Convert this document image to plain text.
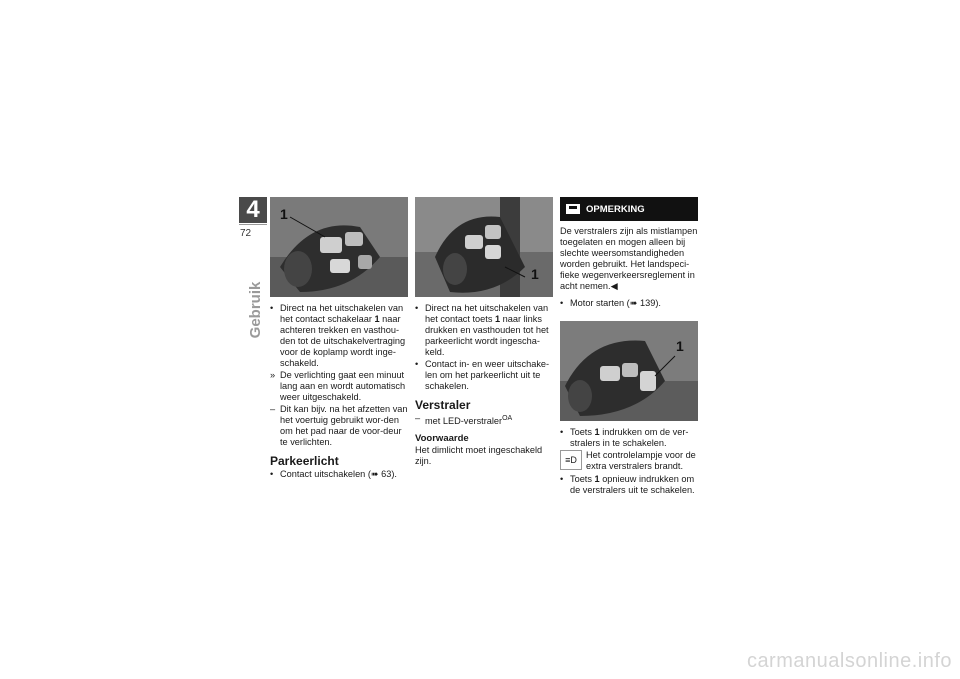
4
72
Gebruik
1
• Direct na het uitschakelen van het contact schakelaar 1 naar achteren trekken en vasthou-den tot de uitschakelvertraging voor de koplamp wordt inge-schakeld.
» De verlichting gaat een minuut lang aan en wordt automatisch weer uitgeschakeld.
– Dit kan bijv. na het afzetten van het voertuig gebruikt wor-den om het pad naar de voor-deur te verlichten.
Parkeerlicht
• Contact uitschakelen (➠ 63).
1
• Direct na het uitschakelen van het contact toets 1 naar links drukken en vasthouden tot het parkeerlicht wordt ingescha-keld.
• Contact in- en weer uitschake-len om het parkeerlicht uit te schakelen.
Verstraler
– met LED-verstraler$^{OA}$
Voorwaarde

Het dimlicht moet ingeschakeld zijn.

OPMERKING

De verstralers zijn als mistlampen toegelaten en mogen alleen bij slechte weersomstandigheden worden gebruikt. Het landspeci-fieke wegenverkeersreglement in acht nemen.◀

• Motor starten (➠ 139).
1
• Toets 1 indrukken om de ver-stralers in te schakelen.
≡D Het controlelampje voor de extra verstralers brandt.
• Toets 1 opnieuw indrukken om de verstralers uit te schakelen.
carmanualsonline.info
